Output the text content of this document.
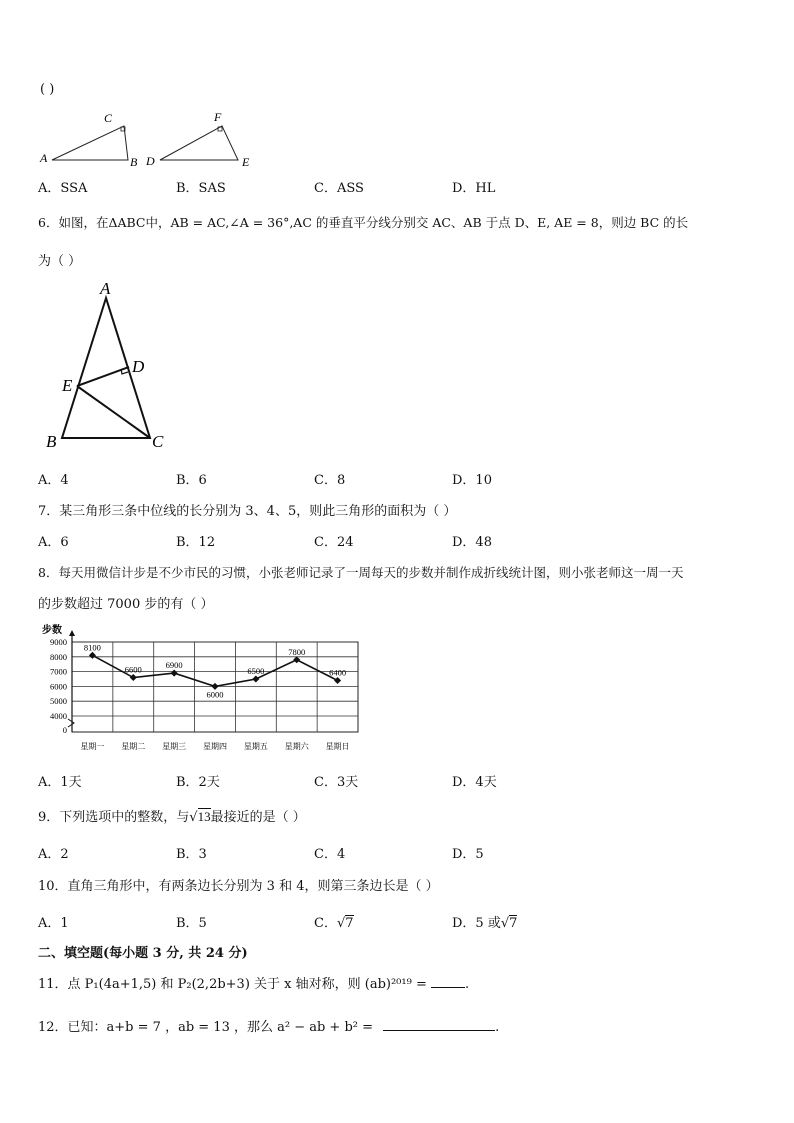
( )
A	B
C
D	E
F
A．SSA	B．SAS	C．ASS	D．HL
6．如图，在ΔABC中，AB = AC,∠A = 36°,AC 的垂直平分线分别交 AC、AB 于点 D、E, AE = 8，则边 BC 的长
为（ ）
A
D
E
B	C
A．4	B．6	C．8	D．10
7．某三角形三条中位线的长分别为 3、4、5，则此三角形的面积为（ ）
A．6	B．12	C．24	D．48
8．每天用微信计步是不少市民的习惯，小张老师记录了一周每天的步数并制作成折线统计图，则小张老师这一周一天
的步数超过 7000 步的有（ ）
步数
9000
8000
7000
6000
5000
4000
0
星期一 星期二 星期三 星期四 星期五 星期六 星期日
8100
6600	6900
6000
6500
7800
6400
A．1天	B．2天	C．3天	D．4天
9．下列选项中的整数，与√13最接近的是（ ）
A．2	B．3	C．4	D．5
10．直角三角形中，有两条边长分别为 3 和 4，则第三条边长是（ ）
A．1	B．5	C．√7	D．5 或√7
二、填空题(每小题 3 分, 共 24 分)
11．点 P₁(4a+1,5) 和 P₂(2,2b+3) 关于 x 轴对称，则 (ab)²⁰¹⁹ =	.
12．已知：a+b = 7 ，ab = 13 ，那么 a² − ab + b² =	.
